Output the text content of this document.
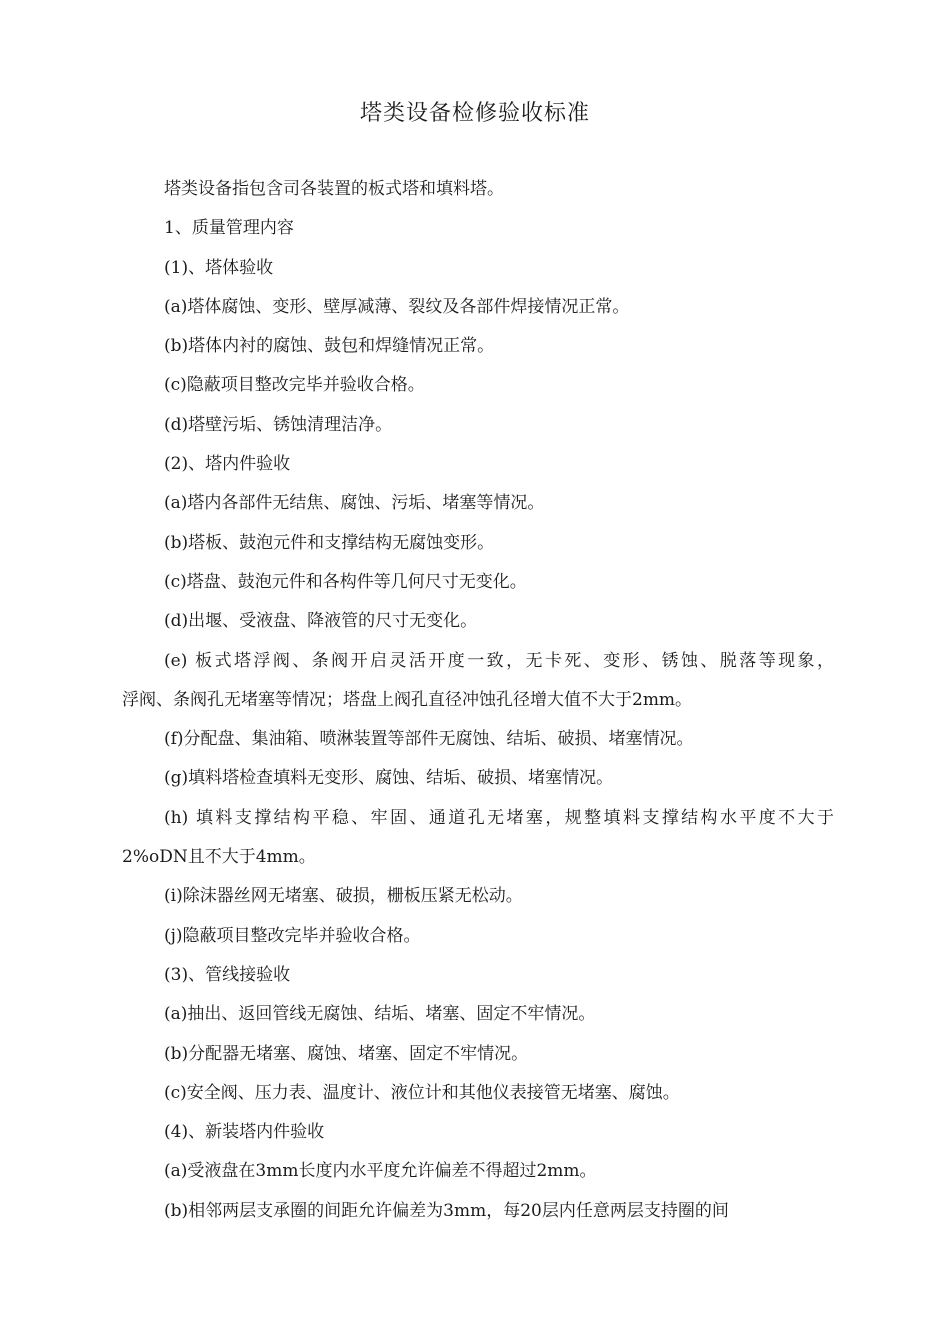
塔类设备检修验收标准
塔类设备指包含司各装置的板式塔和填料塔。
1、质量管理内容
(1)、塔体验收
(a)塔体腐蚀、变形、壁厚减薄、裂纹及各部件焊接情况正常。
(b)塔体内衬的腐蚀、鼓包和焊缝情况正常。
(c)隐蔽项目整改完毕并验收合格。
(d)塔壁污垢、锈蚀清理洁净。
(2)、塔内件验收
(a)塔内各部件无结焦、腐蚀、污垢、堵塞等情况。
(b)塔板、鼓泡元件和支撑结构无腐蚀变形。
(c)塔盘、鼓泡元件和各构件等几何尺寸无变化。
(d)出堰、受液盘、降液管的尺寸无变化。
(e) 板式塔浮阀、条阀开启灵活开度一致，无卡死、变形、锈蚀、脱落等现象，
浮阀、条阀孔无堵塞等情况；塔盘上阀孔直径冲蚀孔径增大值不大于2mm。
(f)分配盘、集油箱、喷淋装置等部件无腐蚀、结垢、破损、堵塞情况。
(g)填料塔检查填料无变形、腐蚀、结垢、破损、堵塞情况。
(h) 填料支撑结构平稳、牢固、通道孔无堵塞，规整填料支撑结构水平度不大于
2%oDN且不大于4mm。
(i)除沫器丝网无堵塞、破损，栅板压紧无松动。
(j)隐蔽项目整改完毕并验收合格。
(3)、管线接验收
(a)抽出、返回管线无腐蚀、结垢、堵塞、固定不牢情况。
(b)分配器无堵塞、腐蚀、堵塞、固定不牢情况。
(c)安全阀、压力表、温度计、液位计和其他仪表接管无堵塞、腐蚀。
(4)、新装塔内件验收
(a)受液盘在3mm长度内水平度允许偏差不得超过2mm。
(b)相邻两层支承圈的间距允许偏差为3mm，每20层内任意两层支持圈的间
